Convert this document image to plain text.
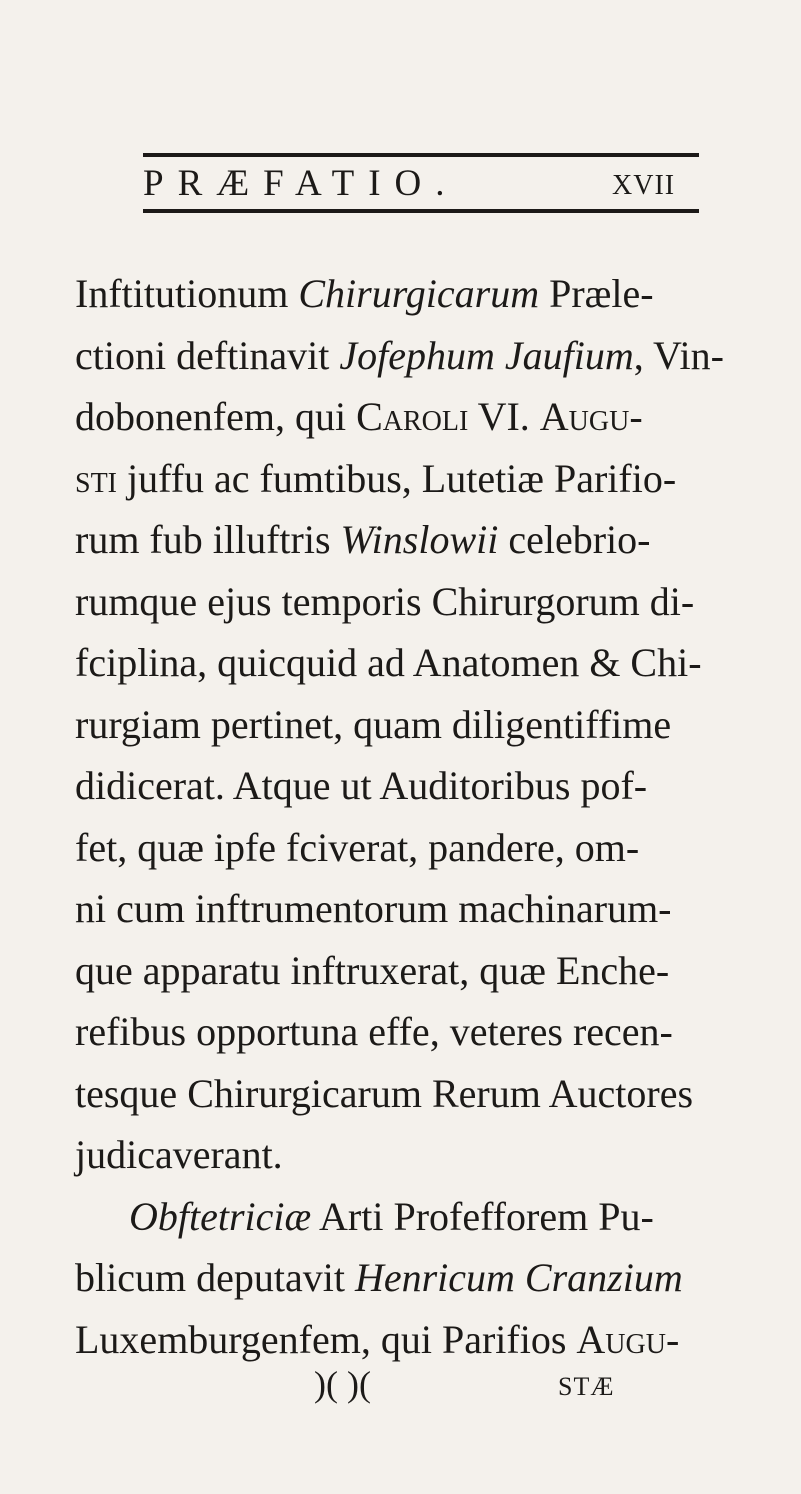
PRÆFATIO.	XVII
Inftitutionum Chirurgicarum Præle-
ctioni deftinavit Jofephum Jaufium, Vin-
dobonenfem, qui Caroli VI. Augu-
sti juffu ac fumtibus, Lutetiæ Parifio-
rum fub illuftris Winslowii celebrio-
rumque ejus temporis Chirurgorum di-
fciplina, quicquid ad Anatomen & Chi-
rurgiam pertinet, quam diligentiffime
didicerat. Atque ut Auditoribus pof-
fet, quæ ipfe fciverat, pandere, om-
ni cum inftrumentorum machinarum-
que apparatu inftruxerat, quæ Enche-
refibus opportuna effe, veteres recen-
tesque Chirurgicarum Rerum Auctores
judicaverant.
Obftetriciæ Arti Profefforem Pu-
blicum deputavit Henricum Cranzium
Luxemburgenfem, qui Parifios Augu-
)( )(	STÆ
